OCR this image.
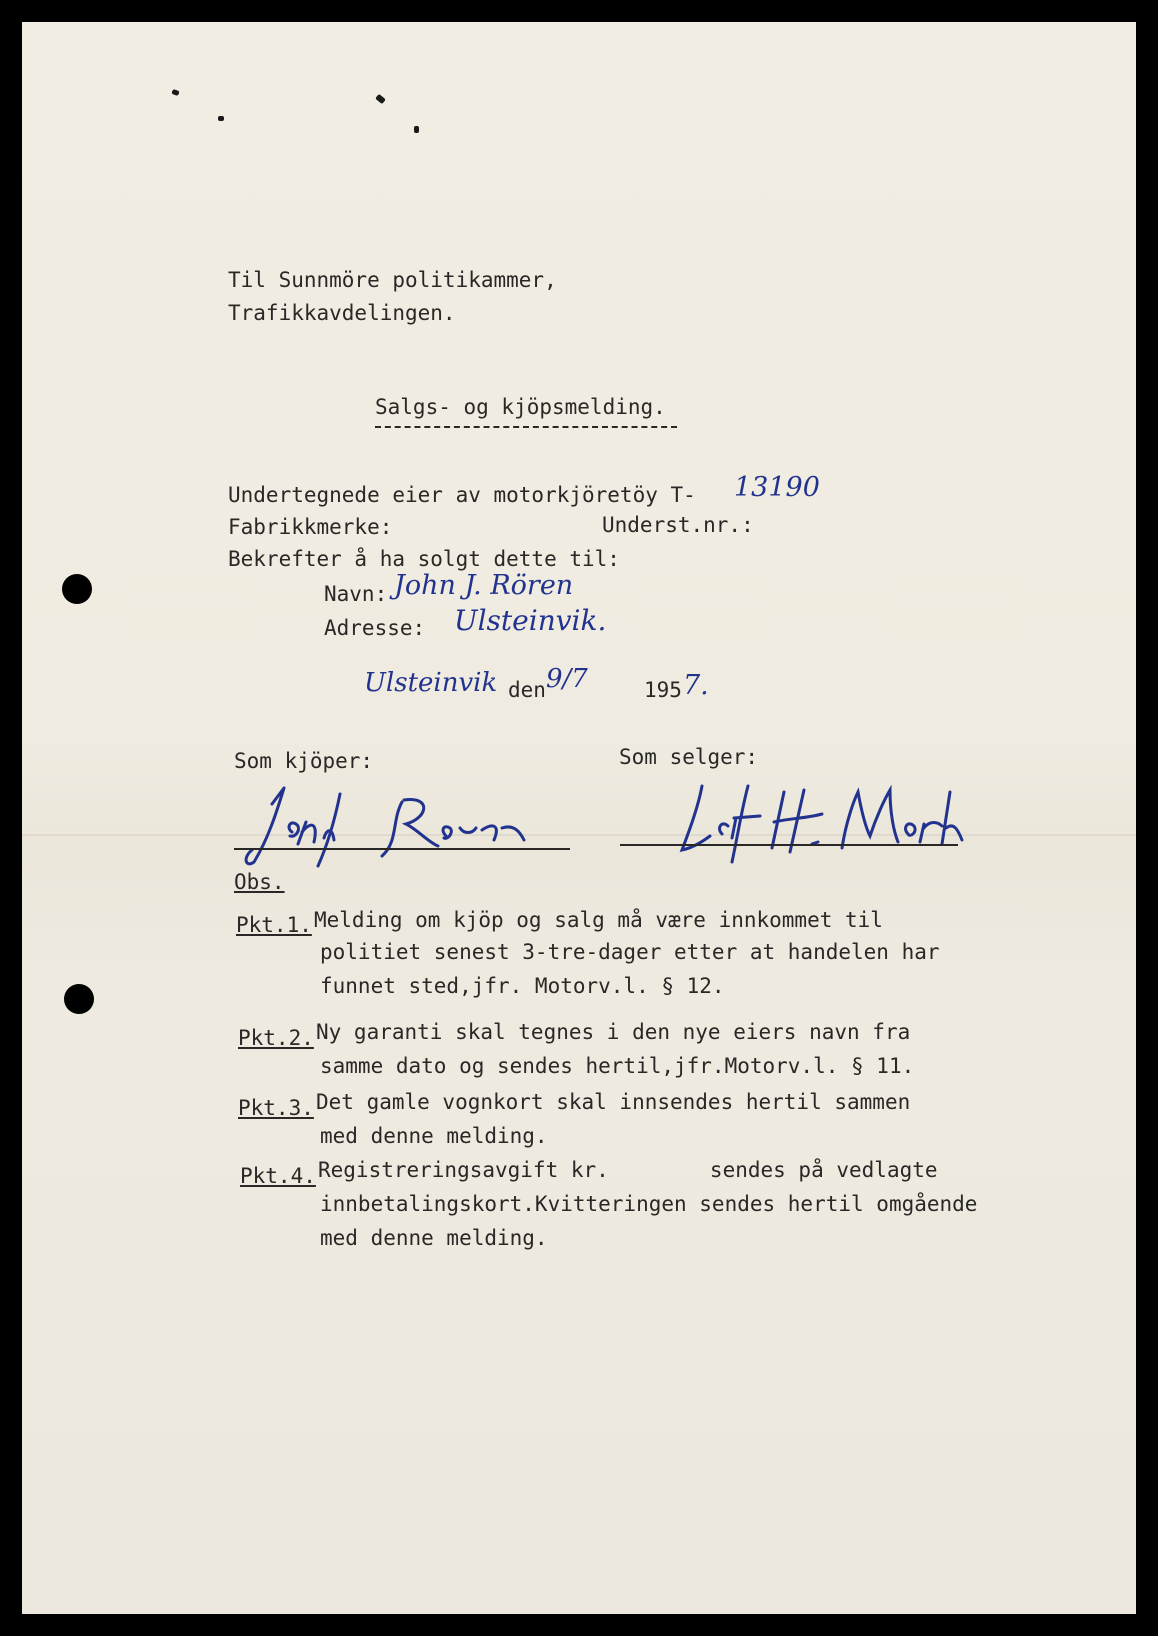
Til Sunnmöre politikammer,
Trafikkavdelingen.
Salgs- og kjöpsmelding.
Undertegnede eier av motorkjöretöy T- 13190
Fabrikkmerke:	Underst.nr.:
Bekrefter å ha solgt dette til:
Navn: John J. Rören
Adresse: Ulsteinvik.
Ulsteinvik den 9/7	195 7.
Som kjöper:	Som selger:
Obs.
Pkt.1. Melding om kjöp og salg må være innkommet til
politiet senest 3-tre-dager etter at handelen har
funnet sted,jfr. Motorv.l. § 12.
Pkt.2. Ny garanti skal tegnes i den nye eiers navn fra
samme dato og sendes hertil,jfr.Motorv.l. § 11.
Pkt.3. Det gamle vognkort skal innsendes hertil sammen
med denne melding.
Pkt.4. Registreringsavgift kr.        sendes på vedlagte
innbetalingskort.Kvitteringen sendes hertil omgående
med denne melding.
